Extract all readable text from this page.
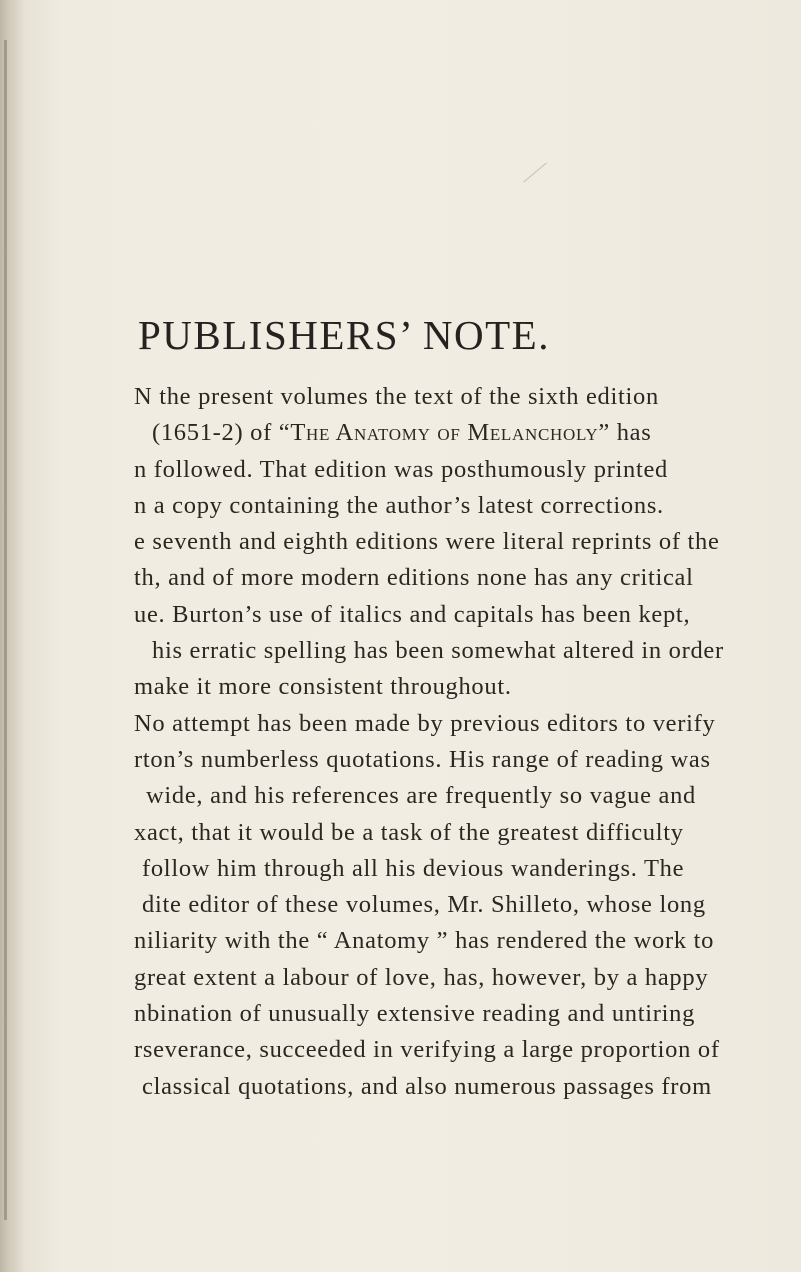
PUBLISHERS’ NOTE.
N the present volumes the text of the sixth edition
(1651-2) of “The Anatomy of Melancholy” has
n followed. That edition was posthumously printed
n a copy containing the author’s latest corrections.
e seventh and eighth editions were literal reprints of the
th, and of more modern editions none has any critical
ue. Burton’s use of italics and capitals has been kept,
his erratic spelling has been somewhat altered in order
make it more consistent throughout.
No attempt has been made by previous editors to verify
rton’s numberless quotations. His range of reading was
wide, and his references are frequently so vague and
xact, that it would be a task of the greatest difficulty
follow him through all his devious wanderings. The
dite editor of these volumes, Mr. Shilleto, whose long
niliarity with the “ Anatomy ” has rendered the work to
great extent a labour of love, has, however, by a happy
nbination of unusually extensive reading and untiring
rseverance, succeeded in verifying a large proportion of
classical quotations, and also numerous passages from
